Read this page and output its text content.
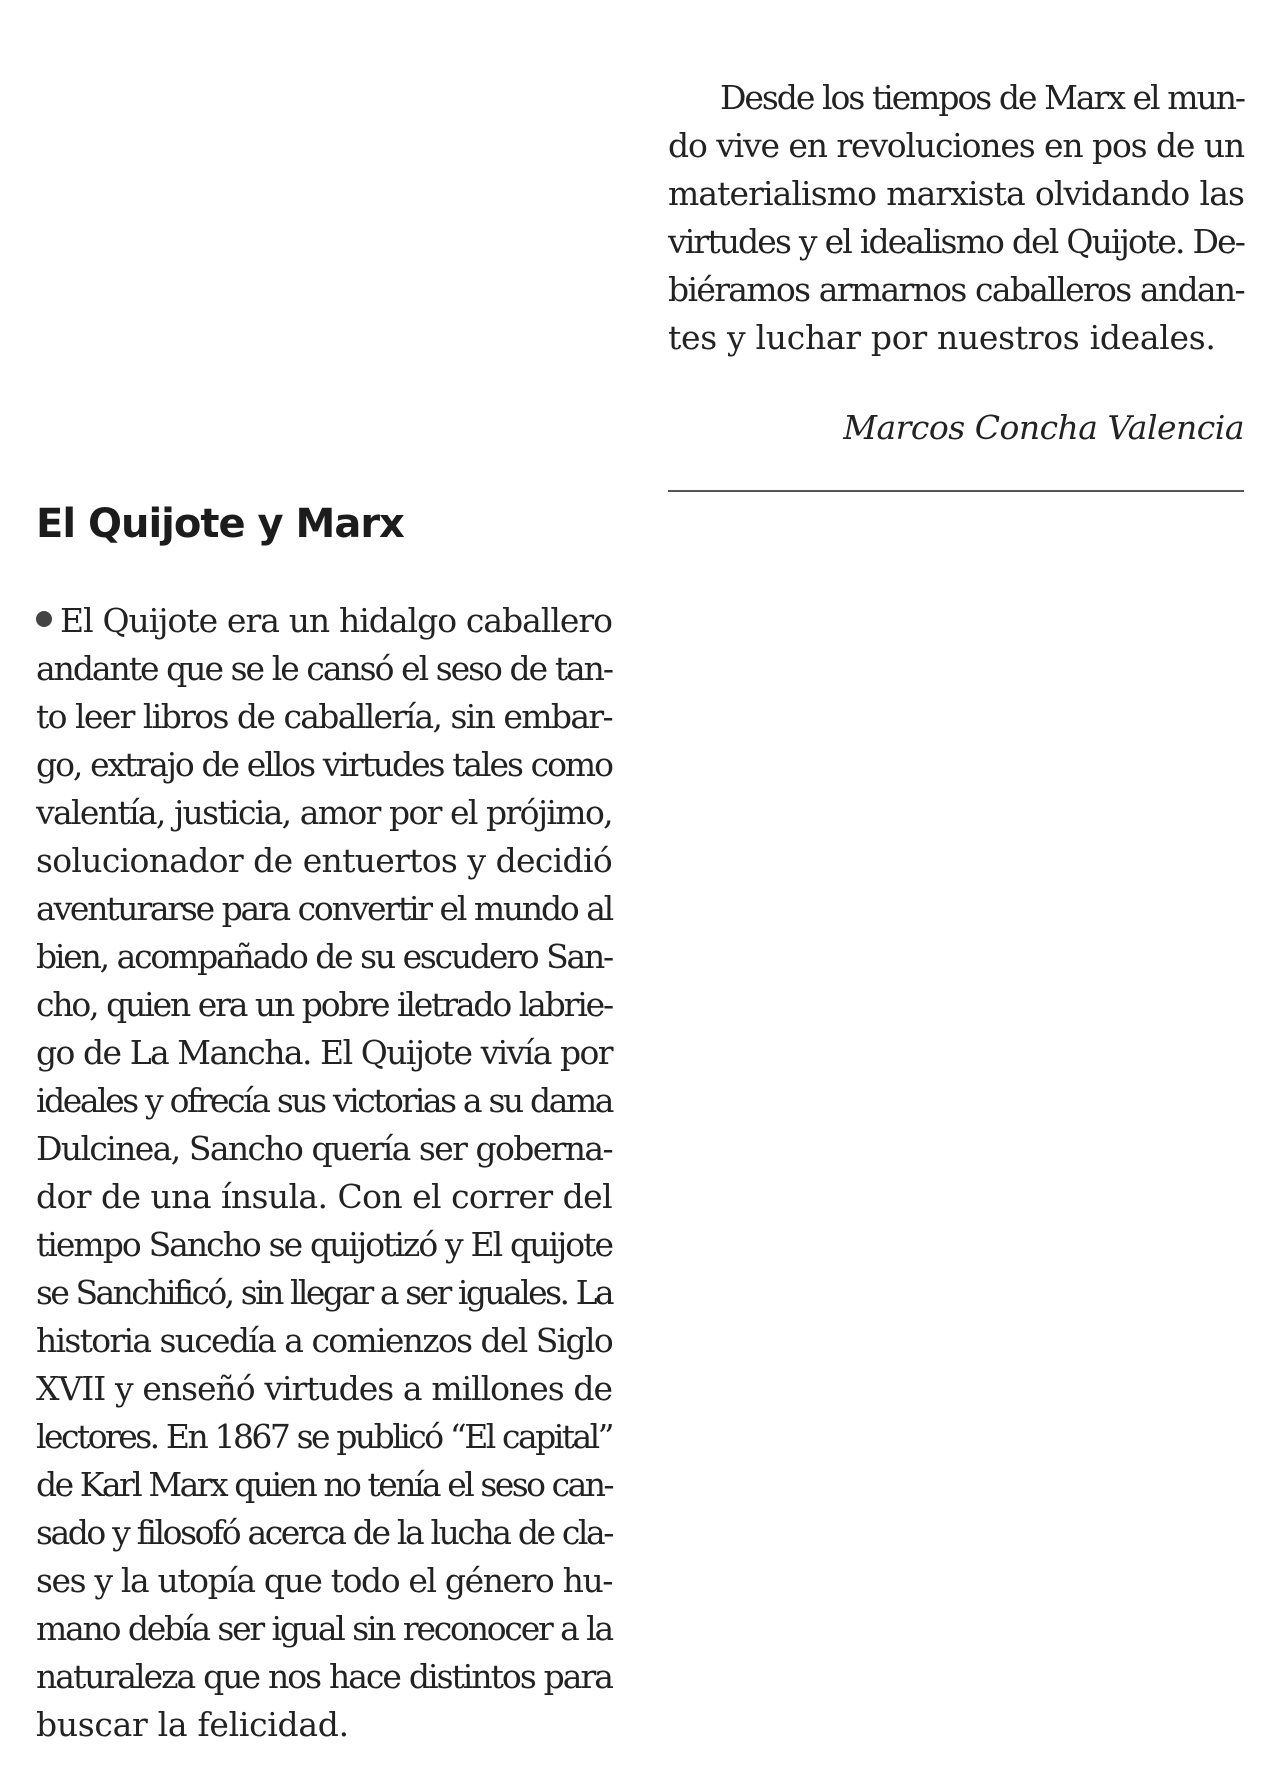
Desde los tiempos de Marx el mun-
do vive en revoluciones en pos de un
materialismo marxista olvidando las
virtudes y el idealismo del Quijote. De-
biéramos armarnos caballeros andan-
tes y luchar por nuestros ideales.

Marcos Concha Valencia
El Quijote y Marx

El Quijote era un hidalgo caballero
andante que se le cansó el seso de tan-
to leer libros de caballería, sin embar-
go, extrajo de ellos virtudes tales como
valentía, justicia, amor por el prójimo,
solucionador de entuertos y decidió
aventurarse para convertir el mundo al
bien, acompañado de su escudero San-
cho, quien era un pobre iletrado labrie-
go de La Mancha. El Quijote vivía por
ideales y ofrecía sus victorias a su dama
Dulcinea, Sancho quería ser goberna-
dor de una ínsula. Con el correr del
tiempo Sancho se quijotizó y El quijote
se Sanchificó, sin llegar a ser iguales. La
historia sucedía a comienzos del Siglo
XVII y enseñó virtudes a millones de
lectores. En 1867 se publicó “El capital”
de Karl Marx quien no tenía el seso can-
sado y filosofó acerca de la lucha de cla-
ses y la utopía que todo el género hu-
mano debía ser igual sin reconocer a la
naturaleza que nos hace distintos para
buscar la felicidad.
